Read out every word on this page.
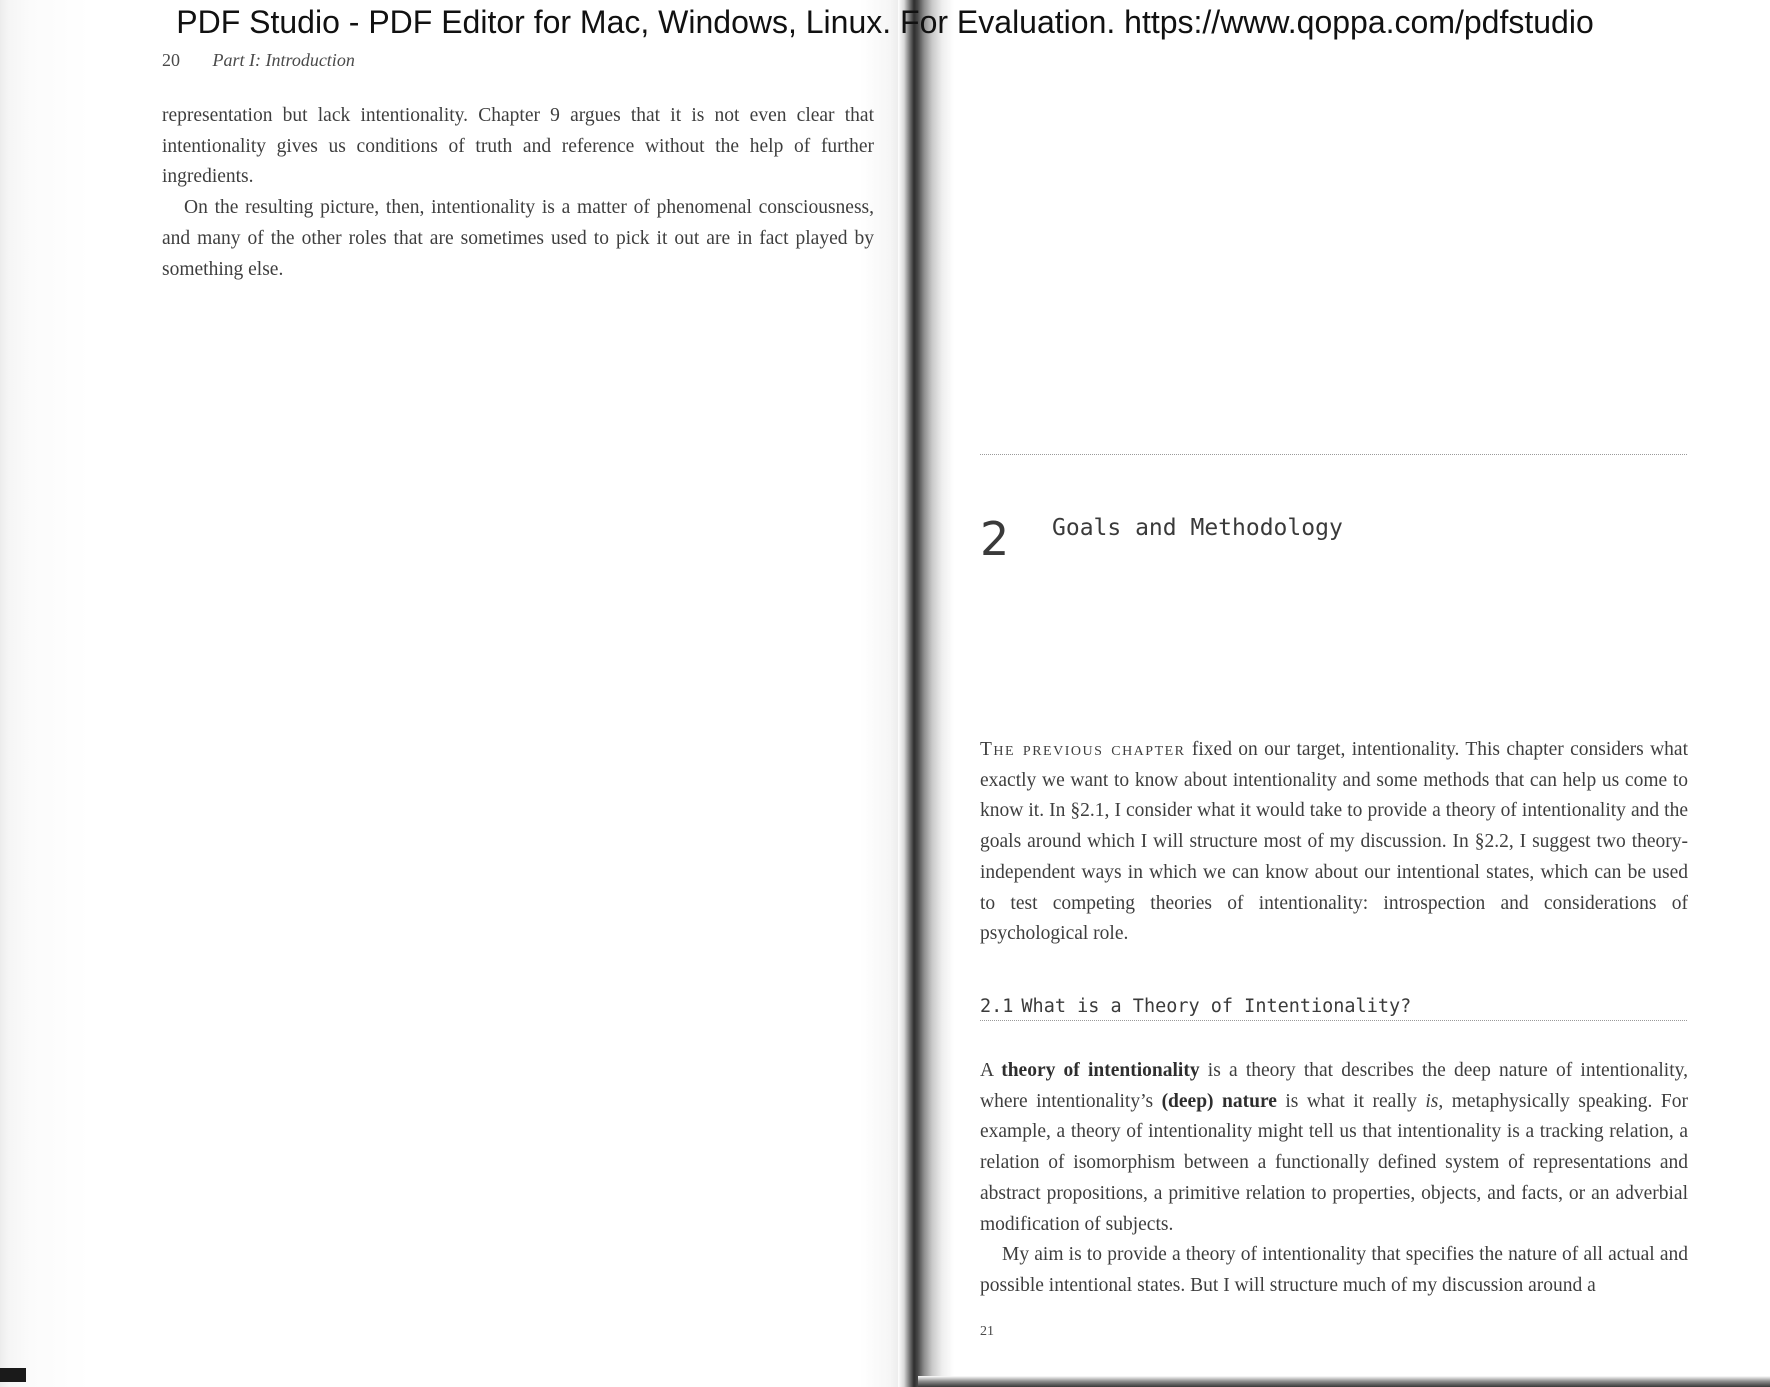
PDF Studio - PDF Editor for Mac, Windows, Linux. For Evaluation. https://www.qoppa.com/pdfstudio
20 Part I: Introduction

representation but lack intentionality. Chapter 9 argues that it is not even clear that intentionality gives us conditions of truth and reference without the help of further ingredients.

On the resulting picture, then, intentionality is a matter of phenomenal consciousness, and many of the other roles that are sometimes used to pick it out are in fact played by something else.

2 Goals and Methodology

The previous chapter fixed on our target, intentionality. This chapter considers what exactly we want to know about intentionality and some methods that can help us come to know it. In §2.1, I consider what it would take to provide a theory of intentionality and the goals around which I will structure most of my discussion. In §2.2, I suggest two theory-independent ways in which we can know about our intentional states, which can be used to test competing theories of intentionality: introspection and considerations of psychological role.

2.1 What is a Theory of Intentionality?

A theory of intentionality is a theory that describes the deep nature of intentionality, where intentionality’s (deep) nature is what it really is, metaphysically speaking. For example, a theory of intentionality might tell us that intentionality is a tracking relation, a relation of isomorphism between a functionally defined system of representations and abstract propositions, a primitive relation to properties, objects, and facts, or an adverbial modification of subjects.

My aim is to provide a theory of intentionality that specifies the nature of all actual and possible intentional states. But I will structure much of my discussion around a

21
